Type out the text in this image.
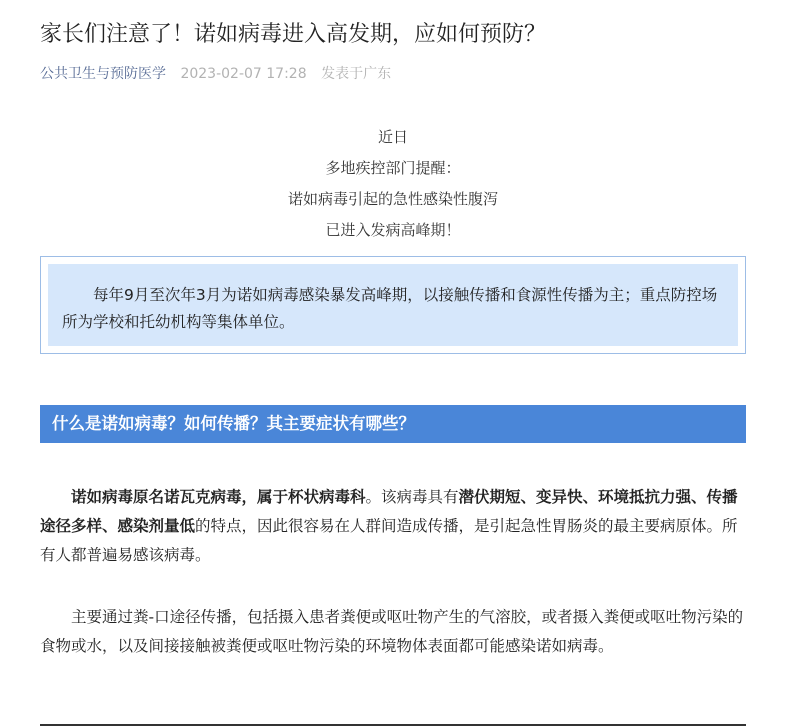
家长们注意了！诺如病毒进入高发期，应如何预防？
公共卫生与预防医学 2023-02-07 17:28 发表于广东
近日
多地疾控部门提醒：
诺如病毒引起的急性感染性腹泻
已进入发病高峰期！
每年9月至次年3月为诺如病毒感染暴发高峰期，以接触传播和食源性传播为主；重点防控场所为学校和托幼机构等集体单位。
什么是诺如病毒？如何传播？其主要症状有哪些？

诺如病毒原名诺瓦克病毒，属于杯状病毒科。该病毒具有潜伏期短、变异快、环境抵抗力强、传播途径多样、感染剂量低的特点，因此很容易在人群间造成传播，是引起急性胃肠炎的最主要病原体。所有人都普遍易感该病毒。

主要通过粪-口途径传播，包括摄入患者粪便或呕吐物产生的气溶胶，或者摄入粪便或呕吐物污染的食物或水，以及间接接触被粪便或呕吐物污染的环境物体表面都可能感染诺如病毒。
